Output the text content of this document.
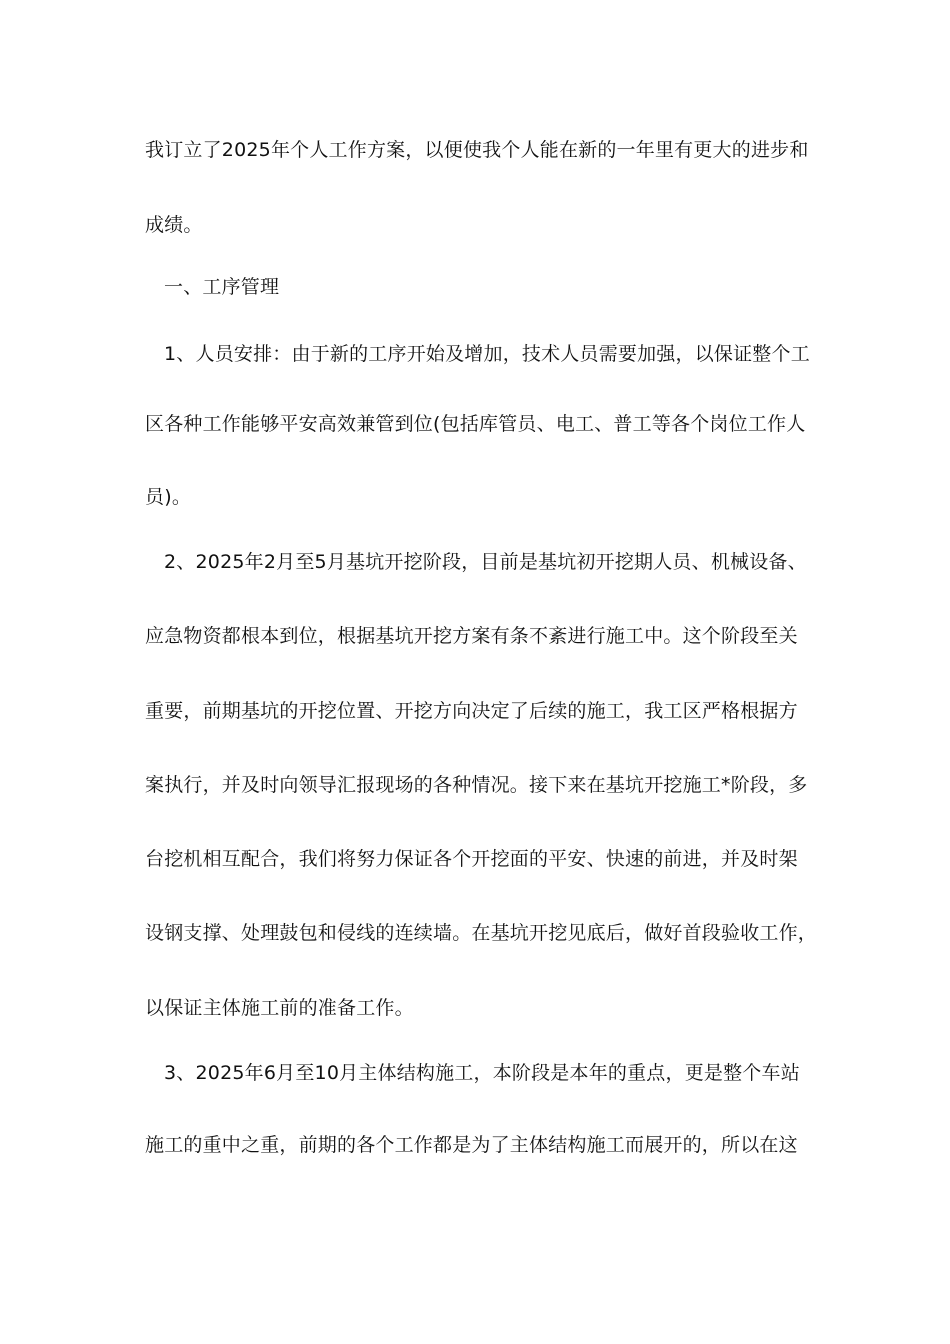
我订立了2025年个人工作方案，以便使我个人能在新的一年里有更大的进步和
成绩。
一、工序管理
1、人员安排：由于新的工序开始及增加，技术人员需要加强，以保证整个工
区各种工作能够平安高效兼管到位(包括库管员、电工、普工等各个岗位工作人
员)。
2、2025年2月至5月基坑开挖阶段，目前是基坑初开挖期人员、机械设备、
应急物资都根本到位，根据基坑开挖方案有条不紊进行施工中。这个阶段至关
重要，前期基坑的开挖位置、开挖方向决定了后续的施工，我工区严格根据方
案执行，并及时向领导汇报现场的各种情况。接下来在基坑开挖施工*阶段，多
台挖机相互配合，我们将努力保证各个开挖面的平安、快速的前进，并及时架
设钢支撑、处理鼓包和侵线的连续墙。在基坑开挖见底后，做好首段验收工作，
以保证主体施工前的准备工作。
3、2025年6月至10月主体结构施工，本阶段是本年的重点，更是整个车站
施工的重中之重，前期的各个工作都是为了主体结构施工而展开的，所以在这
